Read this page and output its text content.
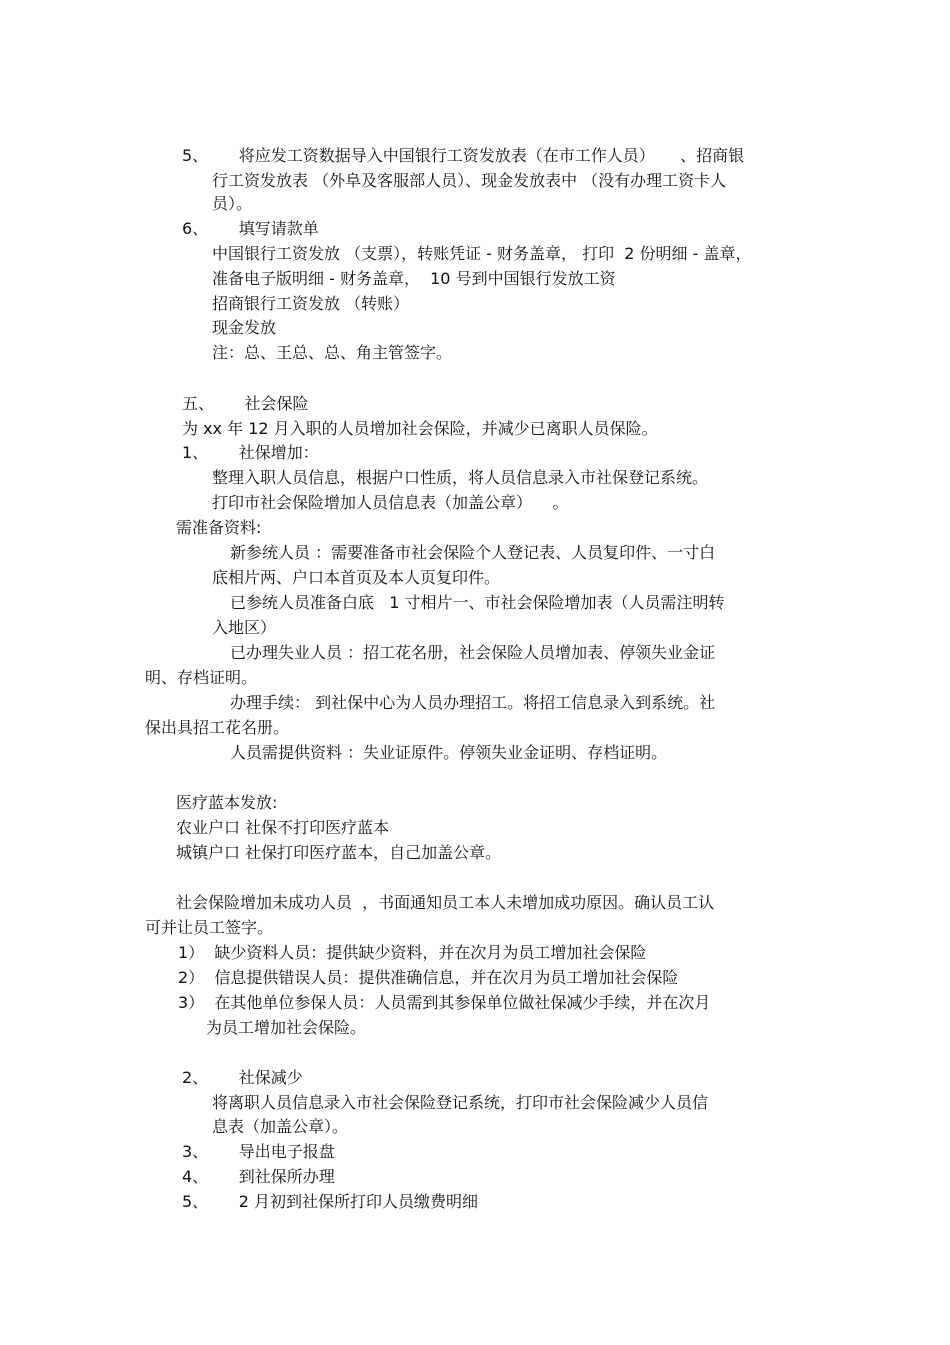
5、      将应发工资数据导入中国银行工资发放表（在市工作人员）     、招商银
行工资发放表 （外阜及客服部人员）、现金发放表中 （没有办理工资卡人
员）。
6、      填写请款单
中国银行工资发放 （支票），转账凭证 - 财务盖章， 打印  2 份明细 - 盖章，
准备电子版明细 - 财务盖章，  10 号到中国银行发放工资
招商银行工资发放 （转账）
现金发放
注：总、王总、总、角主管签字。
五、      社会保险
为 xx 年 12 月入职的人员增加社会保险，并减少已离职人员保险。
1、      社保增加：
整理入职人员信息，根据户口性质，将人员信息录入市社保登记系统。
打印市社会保险增加人员信息表（加盖公章）    。
需准备资料:
新参统人员 ：需要准备市社会保险个人登记表、人员复印件、一寸白
底相片两、户口本首页及本人页复印件。
已参统人员准备白底   1 寸相片一、市社会保险增加表（人员需注明转
入地区）
已办理失业人员 ：招工花名册，社会保险人员增加表、停领失业金证
明、存档证明。
办理手续： 到社保中心为人员办理招工。将招工信息录入到系统。社
保出具招工花名册。
人员需提供资料 ：失业证原件。停领失业金证明、存档证明。
医疗蓝本发放:
农业户口 社保不打印医疗蓝本
城镇户口 社保打印医疗蓝本，自己加盖公章。
社会保险增加未成功人员  ，书面通知员工本人未增加成功原因。确认员工认
可并让员工签字。
1）  缺少资料人员：提供缺少资料，并在次月为员工增加社会保险
2）  信息提供错误人员：提供准确信息，并在次月为员工增加社会保险
3）  在其他单位参保人员：人员需到其参保单位做社保减少手续，并在次月
为员工增加社会保险。
2、      社保减少
将离职人员信息录入市社会保险登记系统，打印市社会保险减少人员信
息表（加盖公章）。
3、      导出电子报盘
4、      到社保所办理
5、      2 月初到社保所打印人员缴费明细
